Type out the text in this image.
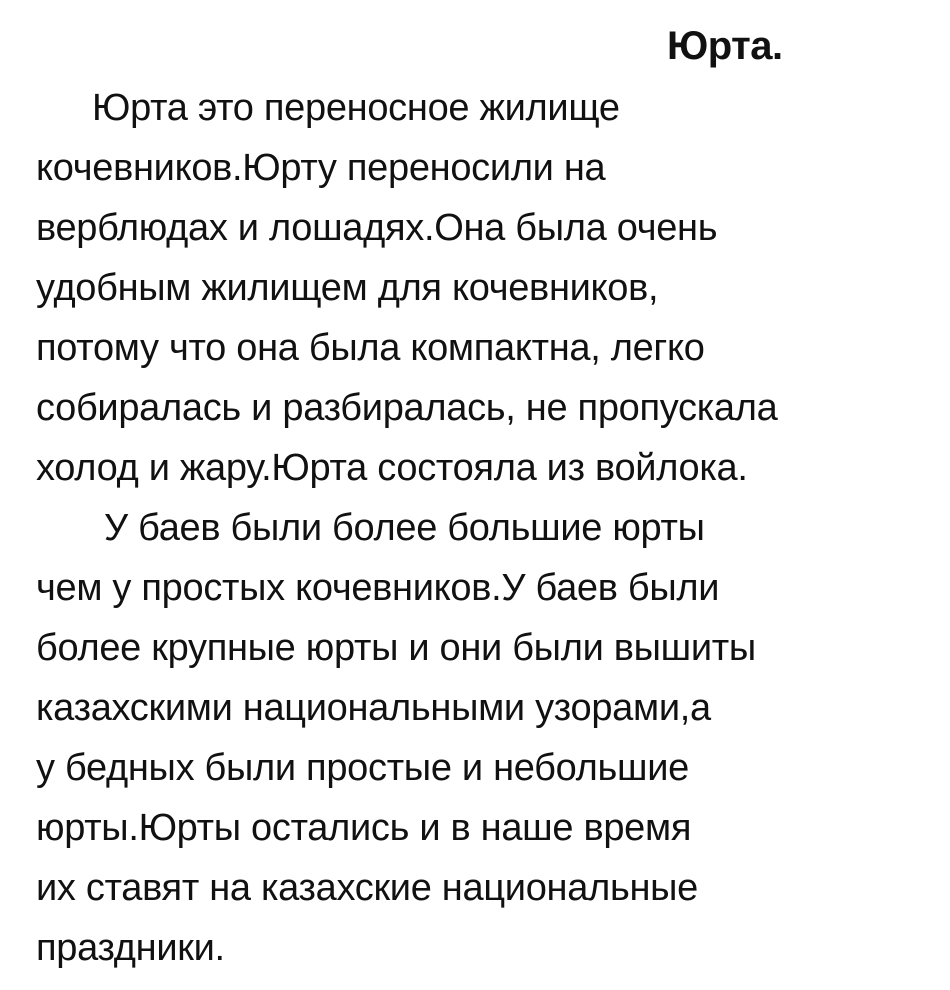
Юрта.
Юрта это переносное жилище
кочевников.Юрту переносили на
верблюдах и лошадях.Она была очень
удобным жилищем для кочевников,
потому что она была компактна, легко
собиралась и разбиралась, не пропускала
холод и жару.Юрта состояла из войлока.
У баев были более большие юрты
чем у простых кочевников.У баев были
более крупные юрты и они были вышиты
казахскими национальными узорами,а
у бедных были простые и небольшие
юрты.Юрты остались и в наше время
их ставят на казахские национальные
праздники.
